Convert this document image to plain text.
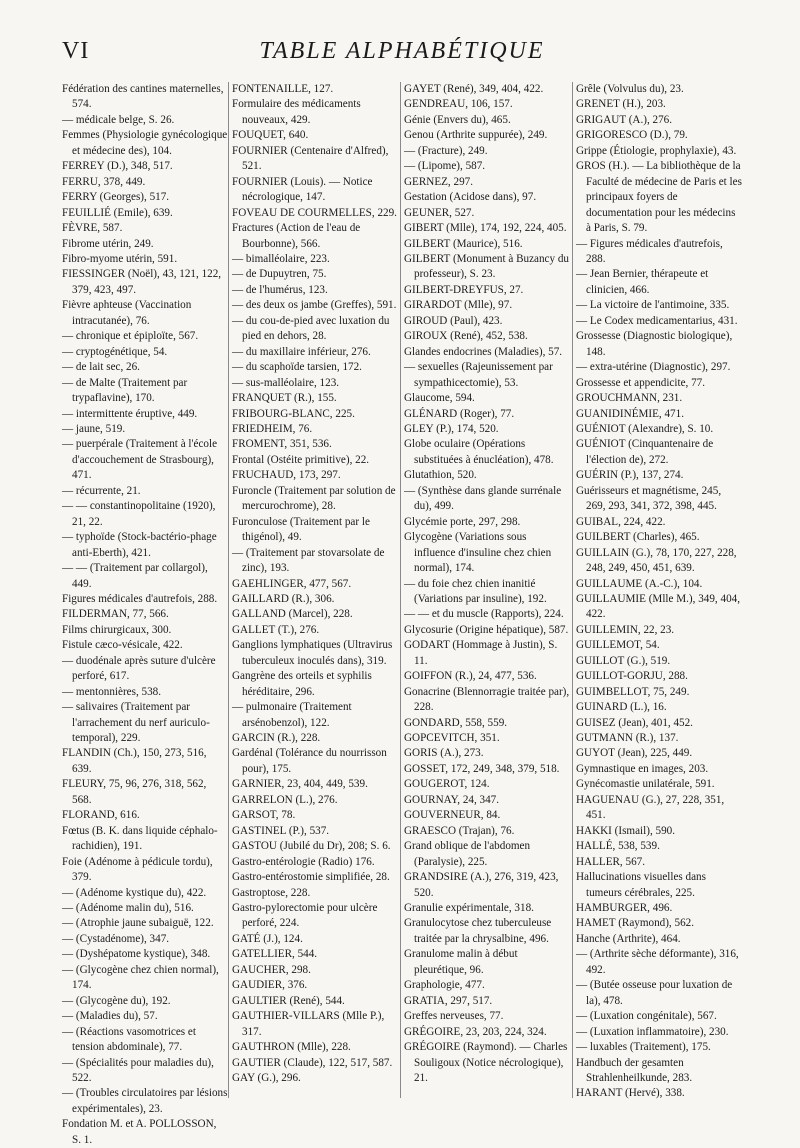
VI	TABLE ALPHABÉTIQUE

Fédération des cantines maternelles, 574.

— médicale belge, S. 26.

Femmes (Physiologie gynécologique et médecine des), 104.

FERREY (D.), 348, 517.

FERRU, 378, 449.

FERRY (Georges), 517.

FEUILLIÉ (Emile), 639.

FÈVRE, 587.

Fibrome utérin, 249.

Fibro-myome utérin, 591.

FIESSINGER (Noël), 43, 121, 122, 379, 423, 497.

Fièvre aphteuse (Vaccination intracutanée), 76.

— chronique et épiploïte, 567.

— cryptogénétique, 54.

— de lait sec, 26.

— de Malte (Traitement par trypaflavine), 170.

— intermittente éruptive, 449.

— jaune, 519.

— puerpérale (Traitement à l'école d'accouchement de Strasbourg), 471.

— récurrente, 21.

— — constantinopolitaine (1920), 21, 22.

— typhoïde (Stock-bactério-phage anti-Eberth), 421.

— — (Traitement par collargol), 449.

Figures médicales d'autrefois, 288.

FILDERMAN, 77, 566.

Films chirurgicaux, 300.

Fistule cæco-vésicale, 422.

— duodénale après suture d'ulcère perforé, 617.

— mentonnières, 538.

— salivaires (Traitement par l'arrachement du nerf auriculo-temporal), 229.

FLANDIN (Ch.), 150, 273, 516, 639.

FLEURY, 75, 96, 276, 318, 562, 568.

FLORAND, 616.

Fœtus (B. K. dans liquide céphalo-rachidien), 191.

Foie (Adénome à pédicule tordu), 379.

— (Adénome kystique du), 422.

— (Adénome malin du), 516.

— (Atrophie jaune subaiguë, 122.

— (Cystadénome), 347.

— (Dyshépatome kystique), 348.

— (Glycogène chez chien normal), 174.

— (Glycogène du), 192.

— (Maladies du), 57.

— (Réactions vasomotrices et tension abdominale), 77.

— (Spécialités pour maladies du), 522.

— (Troubles circulatoires par lésions expérimentales), 23.

Fondation M. et A. POLLOSSON, S. 1.

FONTENAILLE, 127.

Formulaire des médicaments nouveaux, 429.

FOUQUET, 640.

FOURNIER (Centenaire d'Alfred), 521.

FOURNIER (Louis). — Notice nécrologique, 147.

FOVEAU DE COURMELLES, 229.

Fractures (Action de l'eau de Bourbonne), 566.

— bimalléolaire, 223.

— de Dupuytren, 75.

— de l'humérus, 123.

— des deux os jambe (Greffes), 591.

— du cou-de-pied avec luxation du pied en dehors, 28.

— du maxillaire inférieur, 276.

— du scaphoïde tarsien, 172.

— sus-malléolaire, 123.

FRANQUET (R.), 155.

FRIBOURG-BLANC, 225.

FRIEDHEIM, 76.

FROMENT, 351, 536.

Frontal (Ostéite primitive), 22.

FRUCHAUD, 173, 297.

Furoncle (Traitement par solution de mercurochrome), 28.

Furonculose (Traitement par le thigénol), 49.

— (Traitement par stovarsolate de zinc), 193.

GAEHLINGER, 477, 567.

GAILLARD (R.), 306.

GALLAND (Marcel), 228.

GALLET (T.), 276.

Ganglions lymphatiques (Ultravirus tuberculeux inoculés dans), 319.

Gangrène des orteils et syphilis héréditaire, 296.

— pulmonaire (Traitement arsénobenzol), 122.

GARCIN (R.), 228.

Gardénal (Tolérance du nourrisson pour), 175.

GARNIER, 23, 404, 449, 539.

GARRELON (L.), 276.

GARSOT, 78.

GASTINEL (P.), 537.

GASTOU (Jubilé du Dr), 208; S. 6.

Gastro-entérologie (Radio) 176.

Gastro-entérostomie simplifiée, 28.

Gastroptose, 228.

Gastro-pylorectomie pour ulcère perforé, 224.

GATÉ (J.), 124.

GATELLIER, 544.

GAUCHER, 298.

GAUDIER, 376.

GAULTIER (René), 544.

GAUTHIER-VILLARS (Mlle P.), 317.

GAUTHRON (Mlle), 228.

GAUTIER (Claude), 122, 517, 587.

GAY (G.), 296.

GAYET (René), 349, 404, 422.

GENDREAU, 106, 157.

Génie (Envers du), 465.

Genou (Arthrite suppurée), 249.

— (Fracture), 249.

— (Lipome), 587.

GERNEZ, 297.

Gestation (Acidose dans), 97.

GEUNER, 527.

GIBERT (Mlle), 174, 192, 224, 405.

GILBERT (Maurice), 516.

GILBERT (Monument à Buzancy du professeur), S. 23.

GILBERT-DREYFUS, 27.

GIRARDOT (Mlle), 97.

GIROUD (Paul), 423.

GIROUX (René), 452, 538.

Glandes endocrines (Maladies), 57.

— sexuelles (Rajeunissement par sympathicectomie), 53.

Glaucome, 594.

GLÉNARD (Roger), 77.

GLEY (P.), 174, 520.

Globe oculaire (Opérations substituées à énucléation), 478.

Glutathion, 520.

— (Synthèse dans glande surrénale du), 499.

Glycémie porte, 297, 298.

Glycogène (Variations sous influence d'insuline chez chien normal), 174.

— du foie chez chien inanitié (Variations par insuline), 192.

— — et du muscle (Rapports), 224.

Glycosurie (Origine hépatique), 587.

GODART (Hommage à Justin), S. 11.

GOIFFON (R.), 24, 477, 536.

Gonacrine (Blennorragie traitée par), 228.

GONDARD, 558, 559.

GOPCEVITCH, 351.

GORIS (A.), 273.

GOSSET, 172, 249, 348, 379, 518.

GOUGEROT, 124.

GOURNAY, 24, 347.

GOUVERNEUR, 84.

GRAESCO (Trajan), 76.

Grand oblique de l'abdomen (Paralysie), 225.

GRANDSIRE (A.), 276, 319, 423, 520.

Granulie expérimentale, 318.

Granulocytose chez tuberculeuse traitée par la chrysalbine, 496.

Granulome malin à début pleurétique, 96.

Graphologie, 477.

GRATIA, 297, 517.

Greffes nerveuses, 77.

GRÉGOIRE, 23, 203, 224, 324.

GRÉGOIRE (Raymond). — Charles Souligoux (Notice nécrologique), 21.

Grêle (Volvulus du), 23.

GRENET (H.), 203.

GRIGAUT (A.), 276.

GRIGORESCO (D.), 79.

Grippe (Étiologie, prophylaxie), 43.

GROS (H.). — La bibliothèque de la Faculté de médecine de Paris et les principaux foyers de documentation pour les médecins à Paris, S. 79.

— Figures médicales d'autrefois, 288.

— Jean Bernier, thérapeute et clinicien, 466.

— La victoire de l'antimoine, 335.

— Le Codex medicamentarius, 431.

Grossesse (Diagnostic biologique), 148.

— extra-utérine (Diagnostic), 297.

Grossesse et appendicite, 77.

GROUCHMANN, 231.

GUANIDINÉMIE, 471.

GUÉNIOT (Alexandre), S. 10.

GUÉNIOT (Cinquantenaire de l'élection de), 272.

GUÉRIN (P.), 137, 274.

Guérisseurs et magnétisme, 245, 269, 293, 341, 372, 398, 445.

GUIBAL, 224, 422.

GUILBERT (Charles), 465.

GUILLAIN (G.), 78, 170, 227, 228, 248, 249, 450, 451, 639.

GUILLAUME (A.-C.), 104.

GUILLAUMIE (Mlle M.), 349, 404, 422.

GUILLEMIN, 22, 23.

GUILLEMOT, 54.

GUILLOT (G.), 519.

GUILLOT-GORJU, 288.

GUIMBELLOT, 75, 249.

GUINARD (L.), 16.

GUISEZ (Jean), 401, 452.

GUTMANN (R.), 137.

GUYOT (Jean), 225, 449.

Gymnastique en images, 203.

Gynécomastie unilatérale, 591.

HAGUENAU (G.), 27, 228, 351, 451.

HAKKI (Ismail), 590.

HALLÉ, 538, 539.

HALLER, 567.

Hallucinations visuelles dans tumeurs cérébrales, 225.

HAMBURGER, 496.

HAMET (Raymond), 562.

Hanche (Arthrite), 464.

— (Arthrite sèche déformante), 316, 492.

— (Butée osseuse pour luxation de la), 478.

— (Luxation congénitale), 567.

— (Luxation inflammatoire), 230.

— luxables (Traitement), 175.

Handbuch der gesamten Strahlenheilkunde, 283.

HARANT (Hervé), 338.
